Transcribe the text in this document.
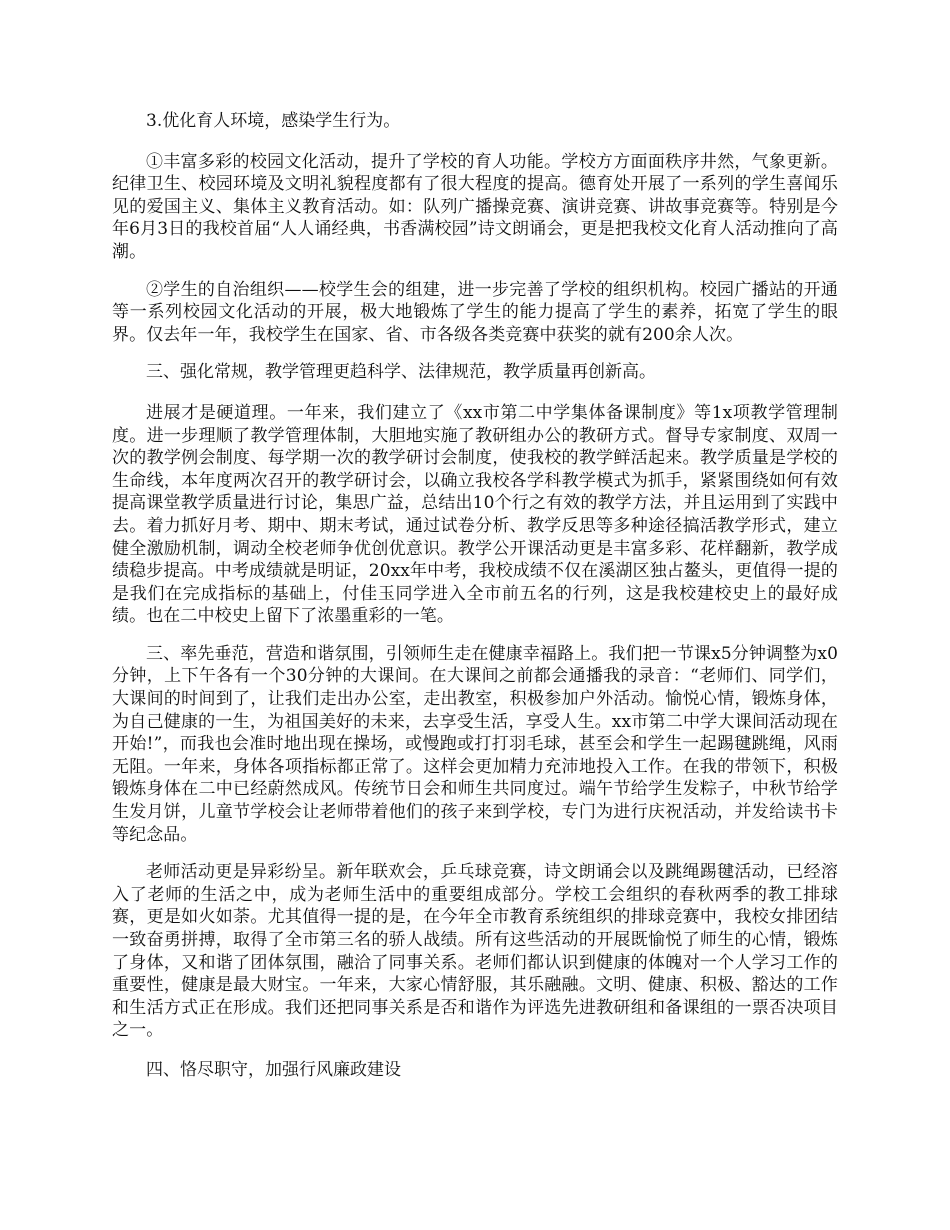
3.优化育人环境，感染学生行为。

①丰富多彩的校园文化活动，提升了学校的育人功能。学校方方面面秩序井然，气象更新。纪律卫生、校园环境及文明礼貌程度都有了很大程度的提高。德育处开展了一系列的学生喜闻乐见的爱国主义、集体主义教育活动。如：队列广播操竞赛、演讲竞赛、讲故事竞赛等。特别是今年6月3日的我校首届“人人诵经典，书香满校园”诗文朗诵会，更是把我校文化育人活动推向了高潮。

②学生的自治组织——校学生会的组建，进一步完善了学校的组织机构。校园广播站的开通等一系列校园文化活动的开展，极大地锻炼了学生的能力提高了学生的素养，拓宽了学生的眼界。仅去年一年，我校学生在国家、省、市各级各类竞赛中获奖的就有200余人次。

三、强化常规，教学管理更趋科学、法律规范，教学质量再创新高。

进展才是硬道理。一年来，我们建立了《xx市第二中学集体备课制度》等1x项教学管理制度。进一步理顺了教学管理体制，大胆地实施了教研组办公的教研方式。督导专家制度、双周一次的教学例会制度、每学期一次的教学研讨会制度，使我校的教学鲜活起来。教学质量是学校的生命线，本年度两次召开的教学研讨会，以确立我校各学科教学模式为抓手，紧紧围绕如何有效提高课堂教学质量进行讨论，集思广益，总结出10个行之有效的教学方法，并且运用到了实践中去。着力抓好月考、期中、期末考试，通过试卷分析、教学反思等多种途径搞活教学形式，建立健全激励机制，调动全校老师争优创优意识。教学公开课活动更是丰富多彩、花样翻新，教学成绩稳步提高。中考成绩就是明证，20xx年中考，我校成绩不仅在溪湖区独占鳌头，更值得一提的是我们在完成指标的基础上，付佳玉同学进入全市前五名的行列，这是我校建校史上的最好成绩。也在二中校史上留下了浓墨重彩的一笔。

三、率先垂范，营造和谐氛围，引领师生走在健康幸福路上。我们把一节课x5分钟调整为x0分钟，上下午各有一个30分钟的大课间。在大课间之前都会通播我的录音：“老师们、同学们，大课间的时间到了，让我们走出办公室，走出教室，积极参加户外活动。愉悦心情，锻炼身体，为自己健康的一生，为祖国美好的未来，去享受生活，享受人生。xx市第二中学大课间活动现在开始!”，而我也会准时地出现在操场，或慢跑或打打羽毛球，甚至会和学生一起踢毽跳绳，风雨无阻。一年来，身体各项指标都正常了。这样会更加精力充沛地投入工作。在我的带领下，积极锻炼身体在二中已经蔚然成风。传统节日会和师生共同度过。端午节给学生发粽子，中秋节给学生发月饼，儿童节学校会让老师带着他们的孩子来到学校，专门为进行庆祝活动，并发给读书卡等纪念品。

老师活动更是异彩纷呈。新年联欢会，乒乓球竞赛，诗文朗诵会以及跳绳踢毽活动，已经溶入了老师的生活之中，成为老师生活中的重要组成部分。学校工会组织的春秋两季的教工排球赛，更是如火如荼。尤其值得一提的是，在今年全市教育系统组织的排球竞赛中，我校女排团结一致奋勇拼搏，取得了全市第三名的骄人战绩。所有这些活动的开展既愉悦了师生的心情，锻炼了身体，又和谐了团体氛围，融洽了同事关系。老师们都认识到健康的体魄对一个人学习工作的重要性，健康是最大财宝。一年来，大家心情舒服，其乐融融。文明、健康、积极、豁达的工作和生活方式正在形成。我们还把同事关系是否和谐作为评选先进教研组和备课组的一票否决项目之一。

四、恪尽职守，加强行风廉政建设
